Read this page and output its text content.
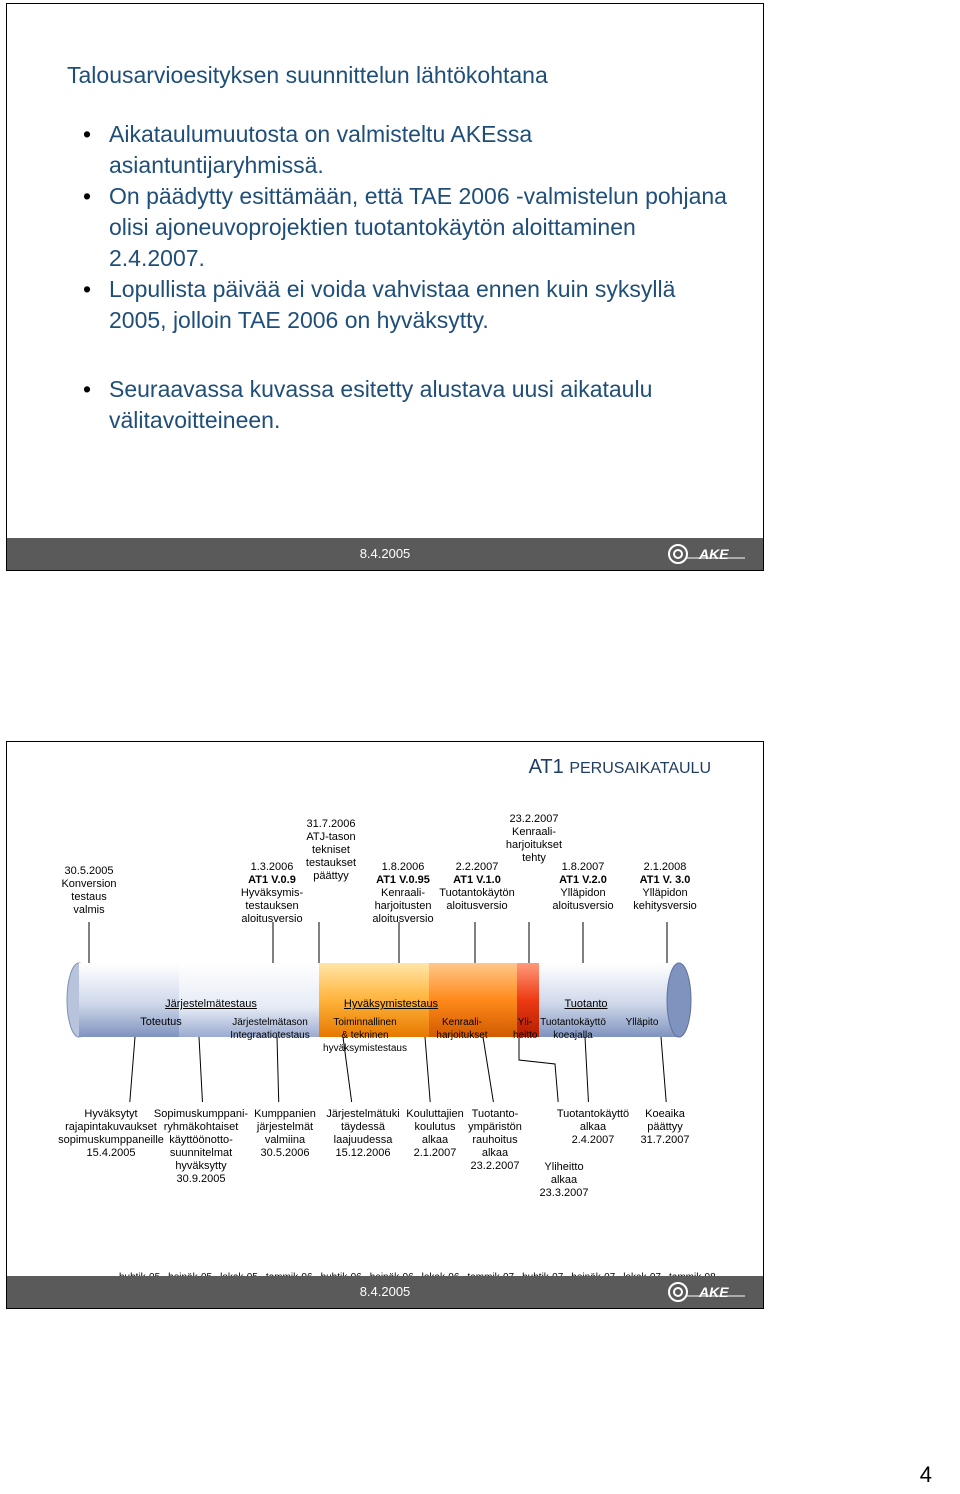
Talousarvioesityksen suunnittelun lähtökohtana
• Aikataulumuutosta on valmisteltu AKEssa asiantuntijaryhmissä.
• On päädytty esittämään, että TAE 2006 -valmistelun pohjana olisi ajoneuvoprojektien tuotantokäytön aloittaminen 2.4.2007.
• Lopullista päivää ei voida vahvistaa ennen kuin syksyllä 2005, jolloin TAE 2006 on hyväksytty.
• Seuraavassa kuvassa esitetty alustava uusi aikataulu välitavoitteineen.
8.4.2005	AKE
AT1 PERUSAIKATAULU
30.5.2005
Konversion
testaus
valmis
1.3.2006
AT1 V.0.9
Hyväksymis-
testauksen
aloitusversio
31.7.2006
ATJ-tason
tekniset
testaukset
päättyy
1.8.2006
AT1 V.0.95
Kenraali-
harjoitusten
aloitusversio
2.2.2007
AT1 V.1.0
Tuotantokäytön
aloitusversio
23.2.2007
Kenraali-
harjoitukset
tehty
1.8.2007
AT1 V.2.0
Ylläpidon
aloitusversio
2.1.2008
AT1 V. 3.0
Ylläpidon
kehitysversio
Järjestelmätestaus
Toteutus	Järjestelmätason
Integraatiotestaus
Hyväksymistestaus
Toiminnallinen
& tekninen
hyväksymistestaus
Kenraali-
harjoitukset
Yli-
heitto
Tuotanto
Tuotantokäyttö
koeajalla
Ylläpito
Hyväksytyt
rajapintakuvaukset
sopimuskumppaneille
15.4.2005
Sopimuskumppani-
ryhmäkohtaiset
käyttöönotto-
suunnitelmat
hyväksytty
30.9.2005
Kumppanien
järjestelmät
valmiina
30.5.2006
Järjestelmätuki
täydessä
laajuudessa
15.12.2006
Kouluttajien
koulutus
alkaa
2.1.2007
Tuotanto-
ympäristön
rauhoitus
alkaa
23.2.2007
Tuotantokäyttö
alkaa
2.4.2007
Yliheitto
alkaa
23.3.2007
Koeaika
päättyy
31.7.2007
8.4.2005	AKE
4
